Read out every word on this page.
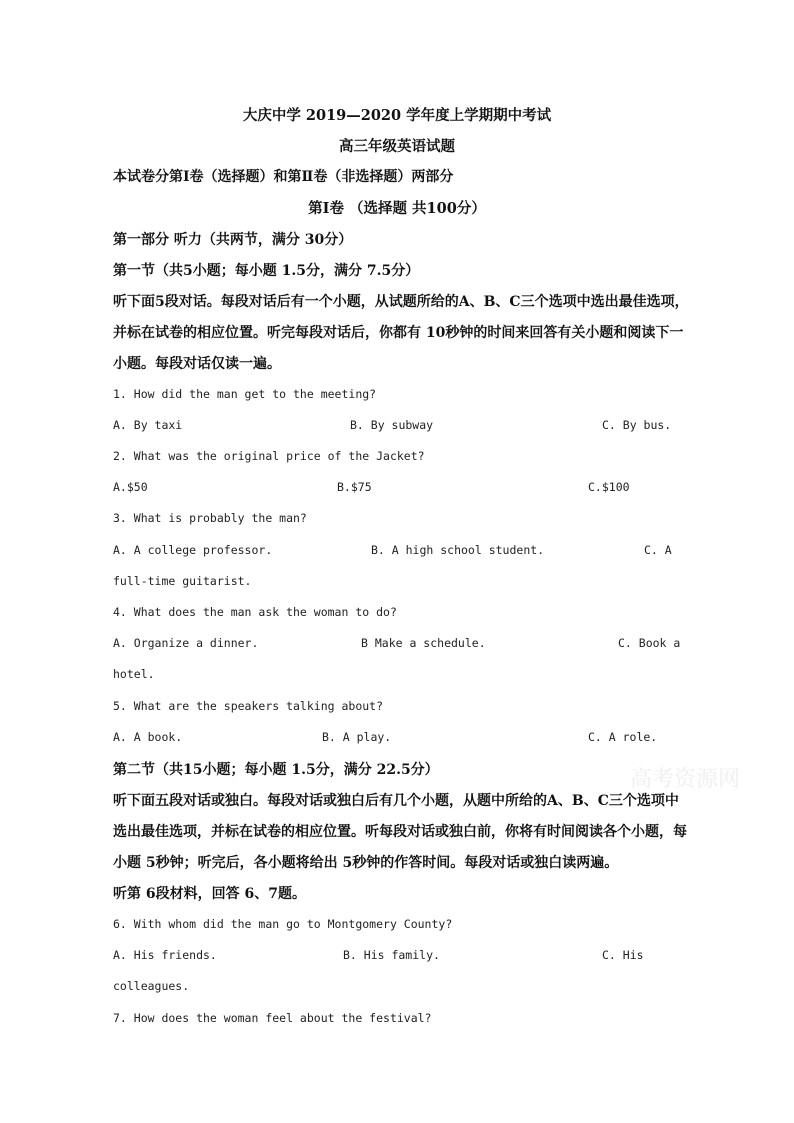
大庆中学 2019—2020 学年度上学期期中考试
高三年级英语试题
本试卷分第Ⅰ卷（选择题）和第Ⅱ卷（非选择题）两部分
第Ⅰ卷 （选择题 共100分）
第一部分 听力（共两节，满分 30分）
第一节（共5小题；每小题 1.5分，满分 7.5分）
听下面5段对话。每段对话后有一个小题，从试题所给的A、B、C三个选项中选出最佳选项，
并标在试卷的相应位置。听完每段对话后，你都有 10秒钟的时间来回答有关小题和阅读下一
小题。每段对话仅读一遍。
1. How did the man get to the meeting?
A. By taxi	B. By subway	C. By bus.
2. What was the original price of the Jacket?
A.$50	B.$75	C.$100
3. What is probably the man?
A. A college professor.	B. A high school student.	C. A
full-time guitarist.
4. What does the man ask the woman to do?
A. Organize a dinner.	B Make a schedule.	C. Book a
hotel.
5. What are the speakers talking about?
A. A book.	B. A play.	C. A role.
第二节（共15小题；每小题 1.5分，满分 22.5分）	高考资源网
听下面五段对话或独白。每段对话或独白后有几个小题，从题中所给的A、B、C三个选项中
选出最佳选项，并标在试卷的相应位置。听每段对话或独白前，你将有时间阅读各个小题，每
小题 5秒钟；听完后，各小题将给出 5秒钟的作答时间。每段对话或独白读两遍。
听第 6段材料，回答 6、7题。
6. With whom did the man go to Montgomery County?
A. His friends.	B. His family.	C. His
colleagues.
7. How does the woman feel about the festival?
